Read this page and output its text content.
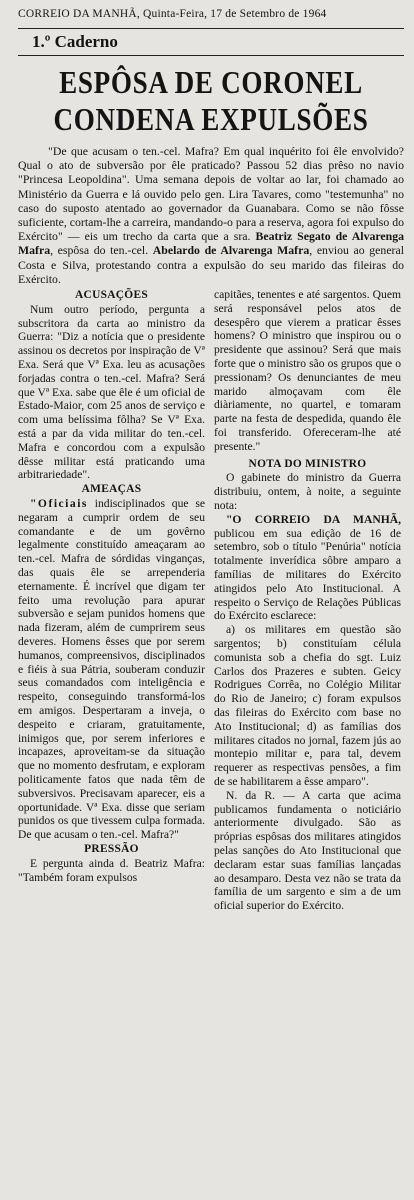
CORREIO DA MANHÃ, Quinta-Feira, 17 de Setembro de 1964
1.º Caderno
ESPÔSA DE CORONEL
CONDENA EXPULSÕES
"De que acusam o ten.-cel. Mafra? Em qual inquérito foi êle envolvido? Qual o ato de subversão por êle praticado? Passou 52 dias prêso no navio "Princesa Leopoldina". Uma semana depois de voltar ao lar, foi chamado ao Ministério da Guerra e lá ouvido pelo gen. Lira Tavares, como "testemunha" no caso do suposto atentado ao governador da Guanabara. Como se não fôsse suficiente, cortam-lhe a carreira, mandando-o para a reserva, agora foi expulso do Exército" — eis um trecho da carta que a sra. Beatriz Segato de Alvarenga Mafra, espôsa do ten.-cel. Abelardo de Alvarenga Mafra, enviou ao general Costa e Silva, protestando contra a expulsão do seu marido das fileiras do Exército.
ACUSAÇÕES

Num outro período, pergunta a subscritora da carta ao ministro da Guerra: "Diz a notícia que o presidente assinou os decretos por inspiração de Vª Exa. Será que Vª Exa. leu as acusações forjadas contra o ten.-cel. Mafra? Será que Vª Exa. sabe que êle é um oficial de Estado-Maior, com 25 anos de serviço e com uma belíssima fôlha? Se Vª Exa. está a par da vida militar do ten.-cel. Mafra e concordou com a expulsão dêsse militar está praticando uma arbitrariedade".

AMEAÇAS

"Oficiais indisciplinados que se negaram a cumprir ordem de seu comandante e de um govêrno legalmente constituído ameaçaram ao ten.-cel. Mafra de sórdidas vinganças, das quais êle se arrependeria eternamente. É incrível que digam ter feito uma revolução para apurar subversão e sejam punidos homens que nada fizeram, além de cumprirem seus deveres. Homens êsses que por serem humanos, compreensivos, disciplinados e fiéis à sua Pátria, souberam conduzir seus comandados com inteligência e respeito, conseguindo transformá-los em amigos. Despertaram a inveja, o despeito e criaram, gratuitamente, inimigos que, por serem inferiores e incapazes, aproveitam-se da situação que no momento desfrutam, e exploram politicamente fatos que nada têm de subversivos. Precisavam aparecer, eis a oportunidade. Vª Exa. disse que seriam punidos os que tivessem culpa formada. De que acusam o ten.-cel. Mafra?"

PRESSÃO

E pergunta ainda d. Beatriz Mafra: "Também foram expulsos

capitães, tenentes e até sargentos. Quem será responsável pelos atos de desespêro que vierem a praticar êsses homens? O ministro que inspirou ou o presidente que assinou? Será que mais forte que o ministro são os grupos que o pressionam? Os denunciantes de meu marido almoçavam com êle diàriamente, no quartel, e tomaram parte na festa de despedida, quando êle foi transferido. Ofereceram-lhe até presente."

NOTA DO MINISTRO

O gabinete do ministro da Guerra distribuiu, ontem, à noite, a seguinte nota:

"O CORREIO DA MANHÃ, publicou em sua edição de 16 de setembro, sob o título "Penúria" notícia totalmente inverídica sôbre amparo a famílias de militares do Exército atingidos pelo Ato Institucional. A respeito o Serviço de Relações Públicas do Exército esclarece:

a) os militares em questão são sargentos; b) constituíam célula comunista sob a chefia do sgt. Luiz Carlos dos Prazeres e subten. Geicy Rodrigues Corrêa, no Colégio Militar do Rio de Janeiro; c) foram expulsos das fileiras do Exército com base no Ato Institucional; d) as famílias dos militares citados no jornal, fazem jús ao montepio militar e, para tal, devem requerer as respectivas pensões, a fim de se habilitarem a êsse amparo".

N. da R. — A carta que acima publicamos fundamenta o noticiário anteriormente divulgado. São as próprias espôsas dos militares atingidos pelas sanções do Ato Institucional que declaram estar suas famílias lançadas ao desamparo. Desta vez não se trata da família de um sargento e sim a de um oficial superior do Exército.
